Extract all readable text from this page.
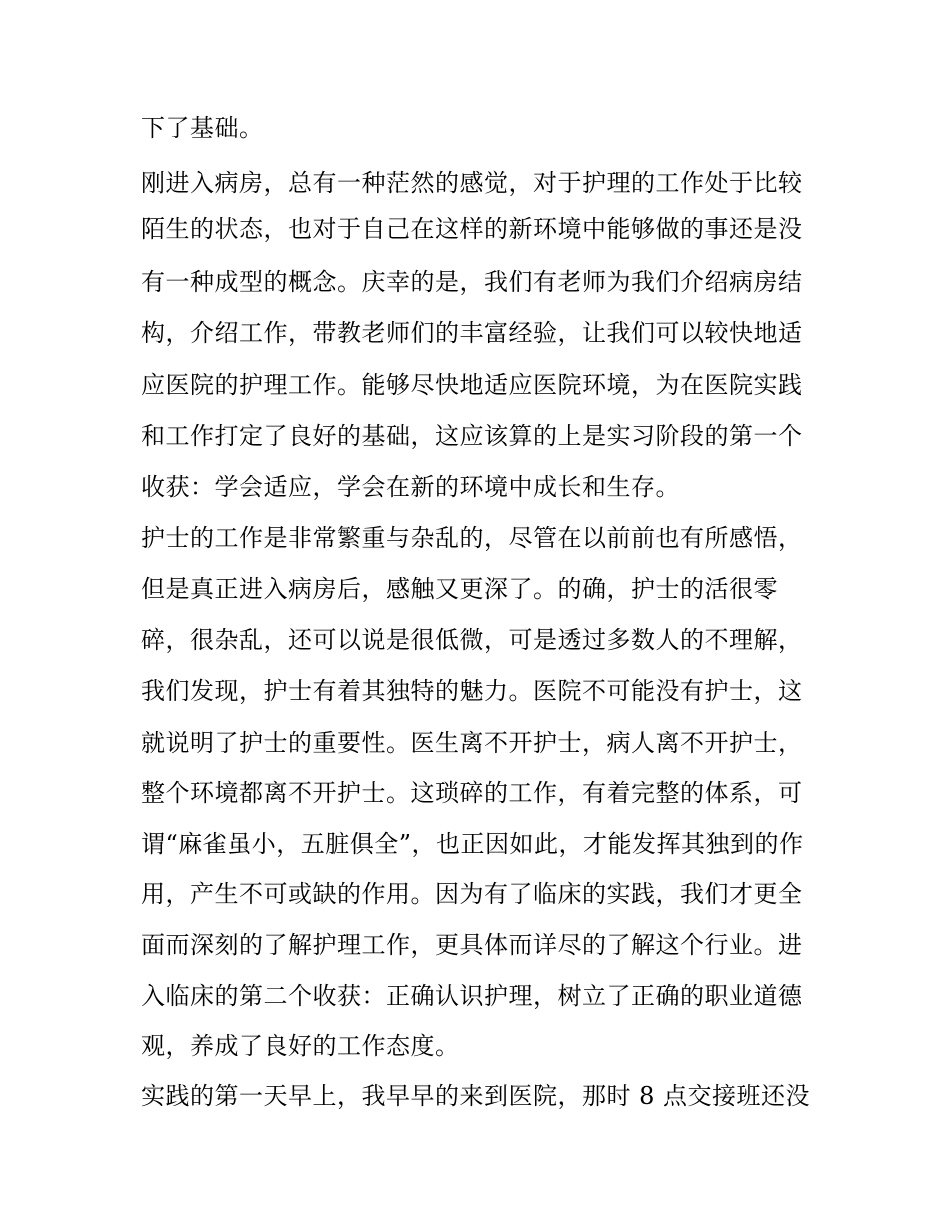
下了基础。
刚进入病房，总有一种茫然的感觉，对于护理的工作处于比较
陌生的状态，也对于自己在这样的新环境中能够做的事还是没
有一种成型的概念。庆幸的是，我们有老师为我们介绍病房结
构，介绍工作，带教老师们的丰富经验，让我们可以较快地适
应医院的护理工作。能够尽快地适应医院环境，为在医院实践
和工作打定了良好的基础，这应该算的上是实习阶段的第一个
收获：学会适应，学会在新的环境中成长和生存。
护士的工作是非常繁重与杂乱的，尽管在以前前也有所感悟，
但是真正进入病房后，感触又更深了。的确，护士的活很零
碎，很杂乱，还可以说是很低微，可是透过多数人的不理解，
我们发现，护士有着其独特的魅力。医院不可能没有护士，这
就说明了护士的重要性。医生离不开护士，病人离不开护士，
整个环境都离不开护士。这琐碎的工作，有着完整的体系，可
谓“麻雀虽小，五脏俱全”，也正因如此，才能发挥其独到的作
用，产生不可或缺的作用。因为有了临床的实践，我们才更全
面而深刻的了解护理工作，更具体而详尽的了解这个行业。进
入临床的第二个收获：正确认识护理，树立了正确的职业道德
观，养成了良好的工作态度。
实践的第一天早上，我早早的来到医院，那时 8 点交接班还没
